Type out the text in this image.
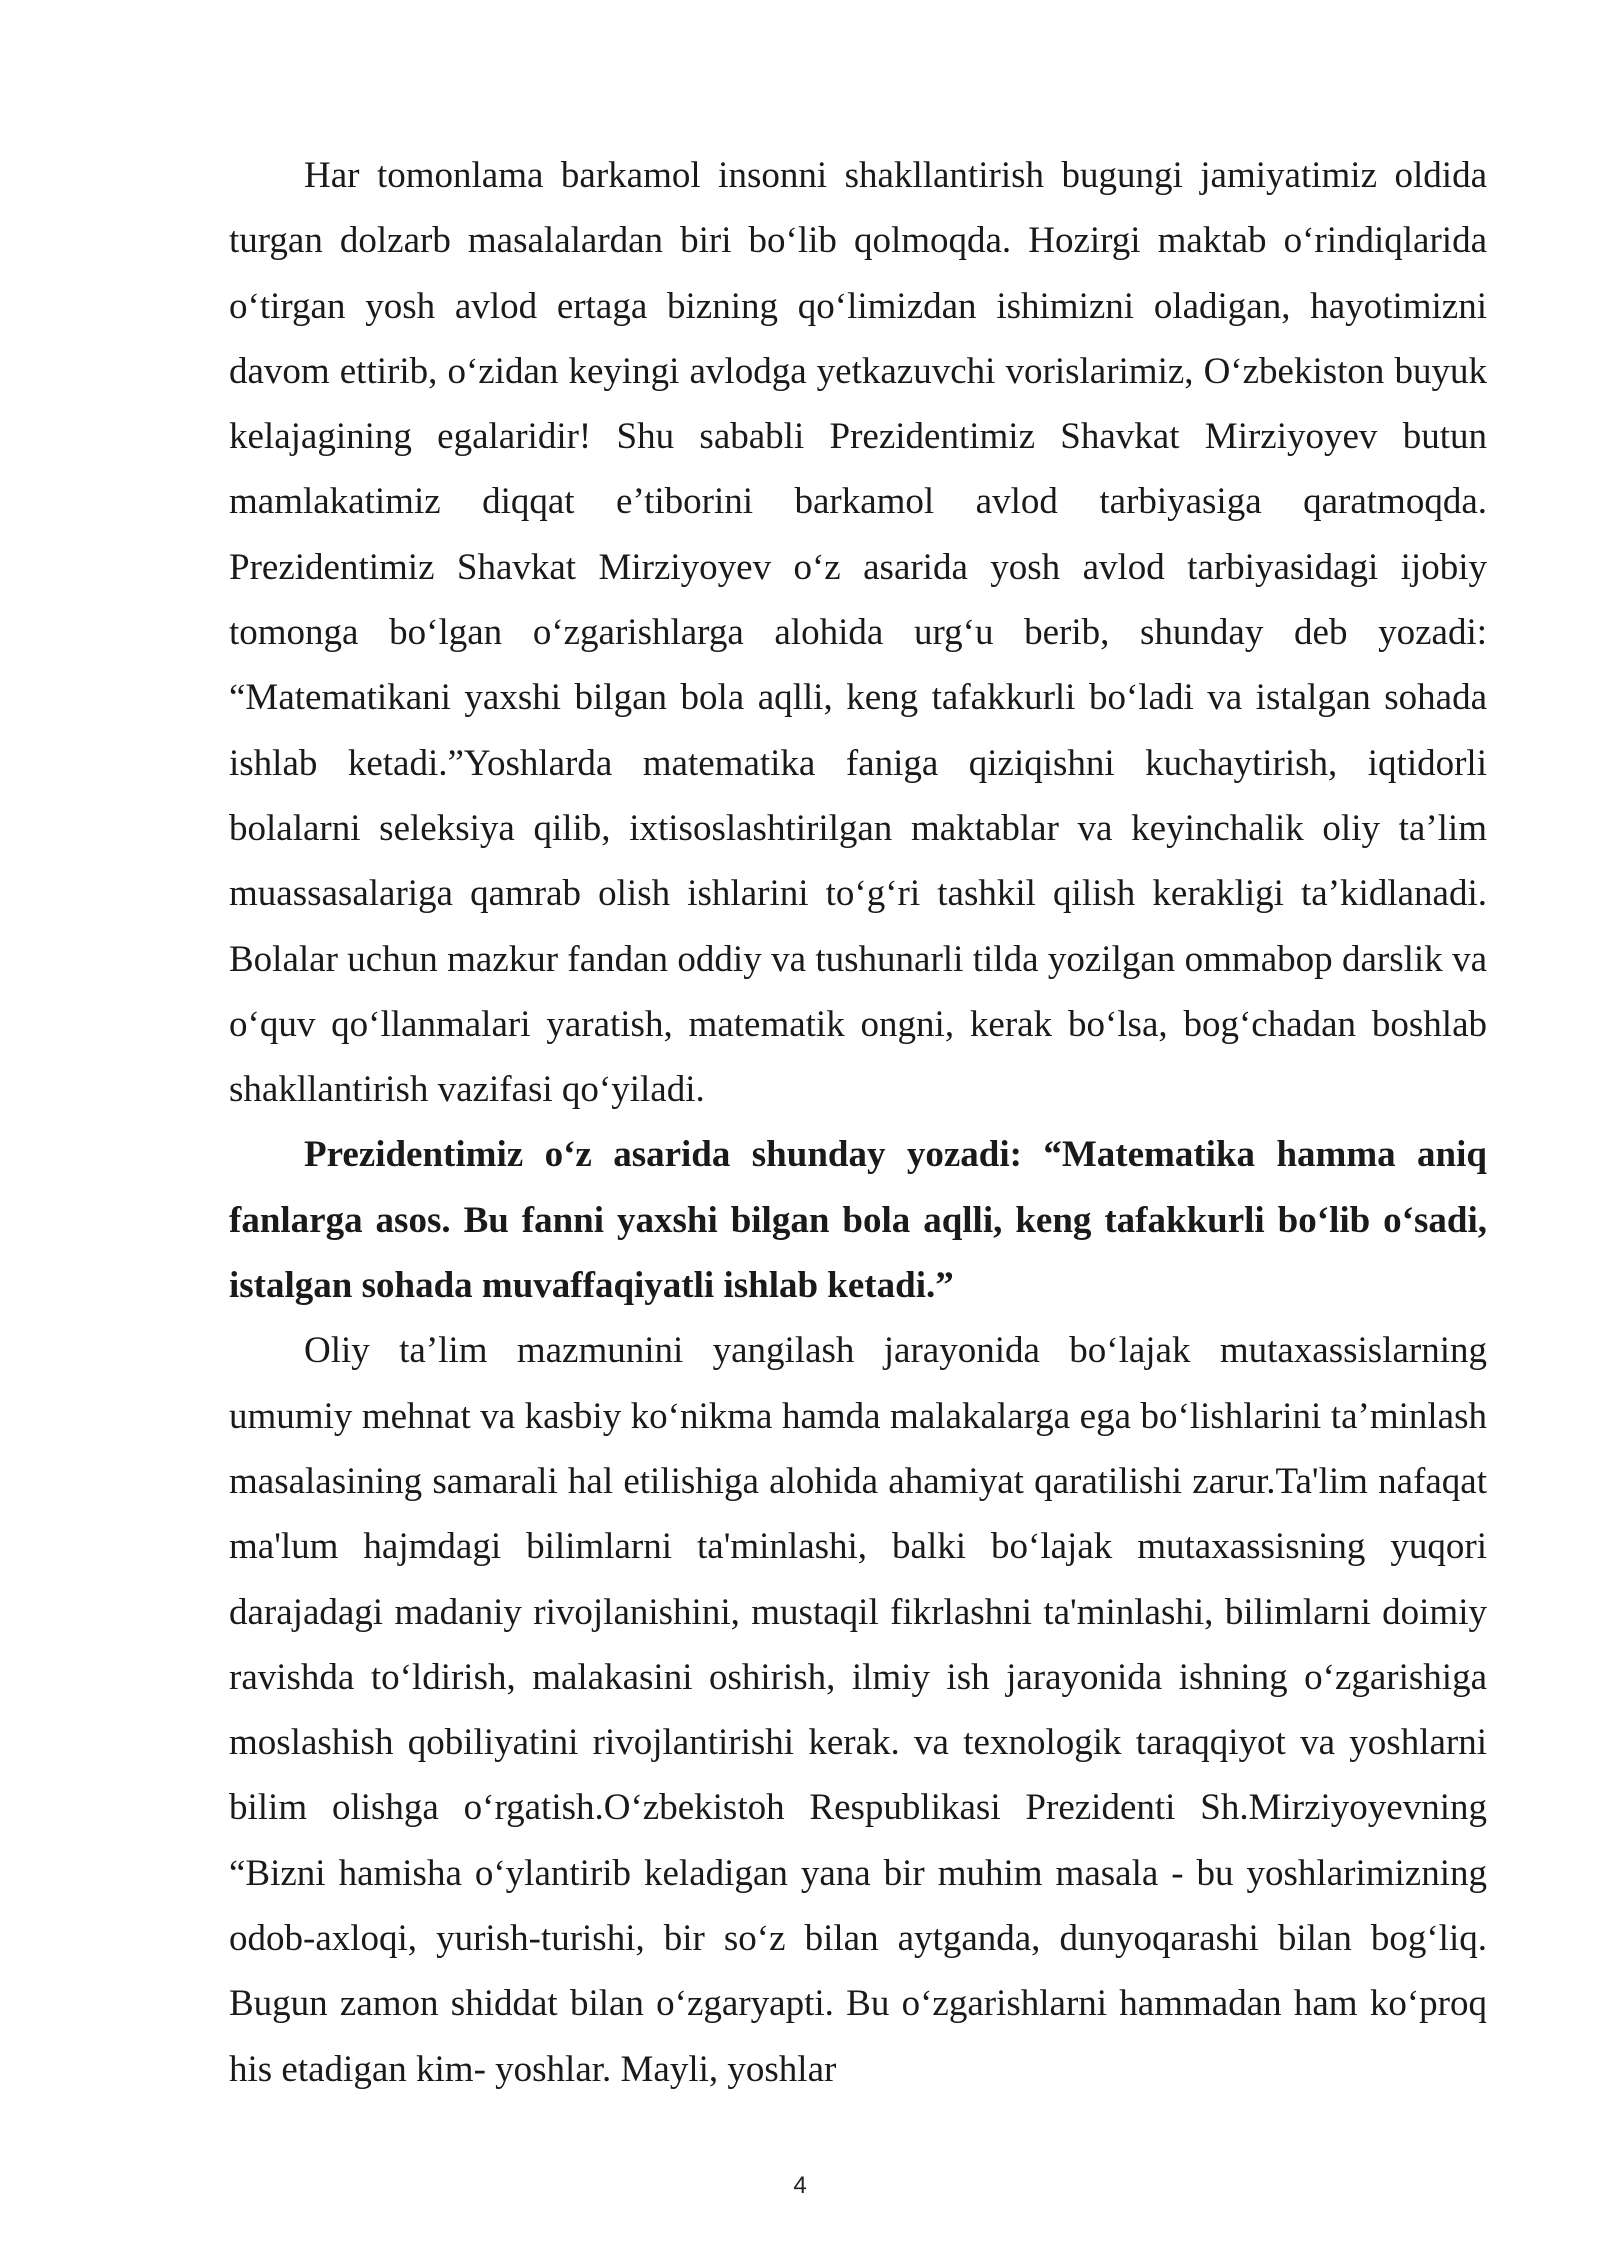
Har tomonlama barkamol insonni shakllantirish bugungi jamiyatimiz oldida turgan dolzarb masalalardan biri bo‘lib qolmoqda. Hozirgi maktab o‘rindiqlarida o‘tirgan yosh avlod ertaga bizning qo‘limizdan ishimizni oladigan, hayotimizni davom ettirib, o‘zidan keyingi avlodga yetkazuvchi vorislarimiz, O‘zbekiston buyuk kelajagining egalaridir! Shu sababli Prezidentimiz Shavkat Mirziyoyev butun mamlakatimiz diqqat e’tiborini barkamol avlod tarbiyasiga qaratmoqda. Prezidentimiz Shavkat Mirziyoyev o‘z asarida yosh avlod tarbiyasidagi ijobiy tomonga bo‘lgan o‘zgarishlarga alohida urg‘u berib, shunday deb yozadi: “Matematikani yaxshi bilgan bola aqlli, keng tafakkurli bo‘ladi va istalgan sohada ishlab ketadi.”Yoshlarda matematika faniga qiziqishni kuchaytirish, iqtidorli bolalarni seleksiya qilib, ixtisoslashtirilgan maktablar va keyinchalik oliy ta’lim muassasalariga qamrab olish ishlarini to‘g‘ri tashkil qilish kerakligi ta’kidlanadi. Bolalar uchun mazkur fandan oddiy va tushunarli tilda yozilgan ommabop darslik va o‘quv qo‘llanmalari yaratish, matematik ongni, kerak bo‘lsa, bog‘chadan boshlab shakllantirish vazifasi qo‘yiladi.

Prezidentimiz o‘z asarida shunday yozadi: “Matematika hamma aniq fanlarga asos. Bu fanni yaxshi bilgan bola aqlli, keng tafakkurli bo‘lib o‘sadi, istalgan sohada muvaffaqiyatli ishlab ketadi.”

Oliy ta’lim mazmunini yangilash jarayonida bo‘lajak mutaxassislarning umumiy mehnat va kasbiy ko‘nikma hamda malakalarga ega bo‘lishlarini ta’minlash masalasining samarali hal etilishiga alohida ahamiyat qaratilishi zarur.Ta'lim nafaqat ma'lum hajmdagi bilimlarni ta'minlashi, balki bo‘lajak mutaxassisning yuqori darajadagi madaniy rivojlanishini, mustaqil fikrlashni ta'minlashi, bilimlarni doimiy ravishda to‘ldirish, malakasini oshirish, ilmiy ish jarayonida ishning o‘zgarishiga moslashish qobiliyatini rivojlantirishi kerak. va texnologik taraqqiyot va yoshlarni bilim olishga o‘rgatish.O‘zbekistoh Respublikasi Prezidenti Sh.Mirziyoyevning “Bizni hamisha o‘ylantirib keladigan yana bir muhim masala - bu yoshlarimizning odob-axloqi, yurish-turishi, bir so‘z bilan aytganda, dunyoqarashi bilan bog‘liq. Bugun zamon shiddat bilan o‘zgaryapti. Bu o‘zgarishlarni hammadan ham ko‘proq his etadigan kim- yoshlar. Mayli, yoshlar

4
